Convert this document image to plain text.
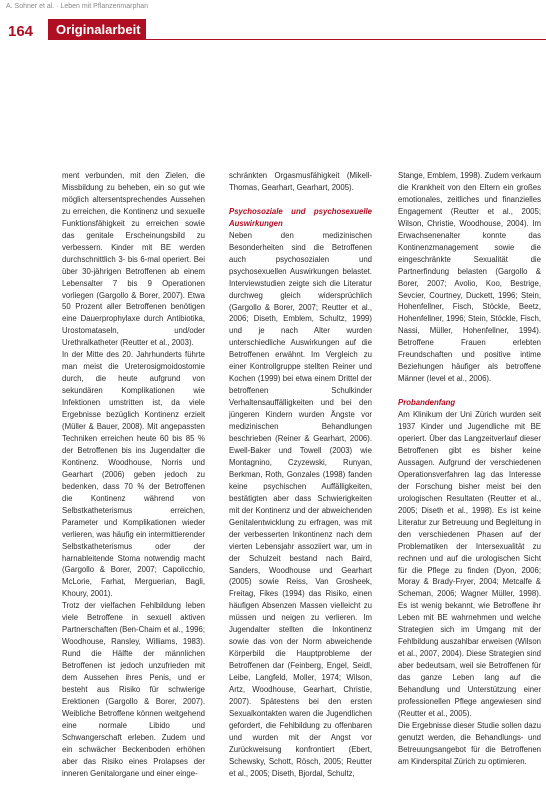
A. Sohner et al. · Leben mit Pflanzenmarphan
164	Originalarbeit

ment verbunden, mit den Zielen, die Missbildung zu beheben, ein so gut wie möglich altersentsprechendes Aussehen zu erreichen, die Kontinenz und sexuelle Funktionsfähigkeit zu erreichen sowie das genitale Erscheinungsbild zu verbessern. Kinder mit BE werden durchschnittlich 3- bis 6-mal operiert. Bei über 30-jährigen Betroffenen ab einem Lebensalter 7 bis 9 Operationen vorliegen (Gargollo & Borer, 2007). Etwa 50 Prozent aller Betroffenen benötigen eine Dauerprophylaxe durch Antibiotika, Urostomataseln, und/oder Urethralkatheter (Reutter et al., 2003).

In der Mitte des 20. Jahrhunderts führte man meist die Ureterosigmoidostomie durch, die heute aufgrund von sekundären Komplikationen wie Infektionen umstritten ist, da viele Ergebnisse bezüglich Kontinenz erzielt (Müller & Bauer, 2008). Mit angepassten Techniken erreichen heute 60 bis 85 % der Betroffenen bis ins Jugendalter die Kontinenz. Woodhouse, Norris und Gearhart (2006) geben jedoch zu bedenken, dass 70 % der Betroffenen die Kontinenz während von Selbstkatheterismus erreichen, Parameter und Komplikationen wieder verlieren, was häufig ein intermittierender Selbstkatheterismus oder der harnableitende Stoma notwendig macht (Gargollo & Borer, 2007; Capolicchio, McLorie, Farhat, Merguerian, Bagli, Khoury, 2001).

Trotz der vielfachen Fehlbildung leben viele Betroffene in sexuell aktiven Partnerschaften (Ben-Chaim et al., 1996; Woodhouse, Ransley, Williams, 1983). Rund die Hälfte der männlichen Betroffenen ist jedoch unzufrieden mit dem Aussehen ihres Penis, und er besteht aus Risiko für schwierige Erektionen (Gargollo & Borer, 2007). Weibliche Betroffene können weitgehend eine normale Libido und Schwangerschaft erleben. Zudem und ein schwächer Beckenboden erhöhen aber das Risiko eines Prolapses der inneren Genitalorgane und einer einge-

schränkten Orgasmusfähigkeit (Mikell-Thomas, Gearhart, Gearhart, 2005).

Psychosoziale und psychosexuelle Auswirkungen

Neben den medizinischen Besonderheiten sind die Betroffenen auch psychosozialen und psychosexuellen Auswirkungen belastet. Interviewstudien zeigte sich die Literatur durchweg gleich widersprüchlich (Gargollo & Borer, 2007; Reutter et al., 2006; Diseth, Emblem, Schultz, 1999) und je nach Alter wurden unterschiedliche Auswirkungen auf die Betroffenen erwähnt. Im Vergleich zu einer Kontrollgruppe stellten Reiner und Kochen (1999) bei etwa einem Drittel der betroffenen Schulkinder Verhaltensauffälligkeiten und bei den jüngeren Kindern wurden Ängste vor medizinischen Behandlungen beschrieben (Reiner & Gearhart, 2006). Ewell-Baker und Towell (2003) wie Montagnino, Czyzewski, Runyan, Berkman, Roth, Gonzales (1998) fanden keine psychischen Auffälligkeiten, bestätigten aber dass Schwierigkeiten mit der Kontinenz und der abweichenden Genitalentwicklung zu erfragen, was mit der verbesserten Inkontinenz nach dem vierten Lebensjahr assoziiert war, um in der Schulzeit bestand nach Baird, Sanders, Woodhouse und Gearhart (2005) sowie Reiss, Van Grosheek, Freitag, Fikes (1994) das Risiko, einen häufigen Absenzen Massen vielleicht zu müssen und neigen zu verlieren. Im Jugendalter stellten die Inkontinenz sowie das von der Norm abweichende Körperbild die Hauptprobleme der Betroffenen dar (Feinberg, Engel, Seidl, Leibe, Langfeld, Moller, 1974; Wilson, Artz, Woodhouse, Gearhart, Christie, 2007). Spätestens bei den ersten Sexualkontakten waren die Jugendlichen gefordert, die Fehlbildung zu offenbaren und wurden mit der Angst vor Zurückweisung konfrontiert (Ebert, Schewsky, Schott, Rösch, 2005; Reutter et al., 2005; Diseth, Bjordal, Schultz,

Stange, Emblem, 1998). Zudem verkaum die Krankheit von den Eltern ein großes emotionales, zeitliches und finanzielles Engagement (Reutter et al., 2005; Wilson, Christie, Woodhouse, 2004). Im Erwachsenenalter konnte das Kontinenzmanagement sowie die eingeschränkte Sexualität die Partnerfindung belasten (Gargollo & Borer, 2007; Avolio, Koo, Bestrige, Sevcier, Courtney, Duckett, 1996; Stein, Hohenfellner, Fisch, Stöckle, Beetz, Hohenfellner, 1996; Stein, Stöckle, Fisch, Nassi, Müller, Hohenfellner, 1994). Betroffene Frauen erlebten Freundschaften und positive intime Beziehungen häufiger als betroffene Männer (Ievel et al., 2006).

Probandenfang

Am Klinikum der Uni Zürich wurden seit 1937 Kinder und Jugendliche mit BE operiert. Über das Langzeitverlauf dieser Betroffenen gibt es bisher keine Aussagen. Aufgrund der verschiedenen Operationsverfahren lag das Interesse der Forschung bisher meist bei den urologischen Resultaten (Reutter et al., 2005; Diseth et al., 1998). Es ist keine Literatur zur Betreuung und Begleitung in den verschiedenen Phasen auf der Problematiken der Intersexualität zu rechnen und auf die urologischen Sicht für die Pflege zu finden (Dyon, 2006; Moray & Brady-Fryer, 2004; Metcalfe & Scheman, 2006; Wagner Müller, 1998). Es ist wenig bekannt, wie Betroffene ihr Leben mit BE wahrnehmen und welche Strategien sich im Umgang mit der Fehlbildung auszahlbar erweisen (Wilson et al., 2007, 2004). Diese Strategien sind aber bedeutsam, weil sie Betroffenen für das ganze Leben lang auf die Behandlung und Unterstützung einer professionellen Pflege angewiesen sind (Reutter et al., 2005).

Die Ergebnisse dieser Studie sollen dazu genutzt werden, die Behandlungs- und Betreuungsangebot für die Betroffenen am Kinderspital Zürich zu optimieren.
